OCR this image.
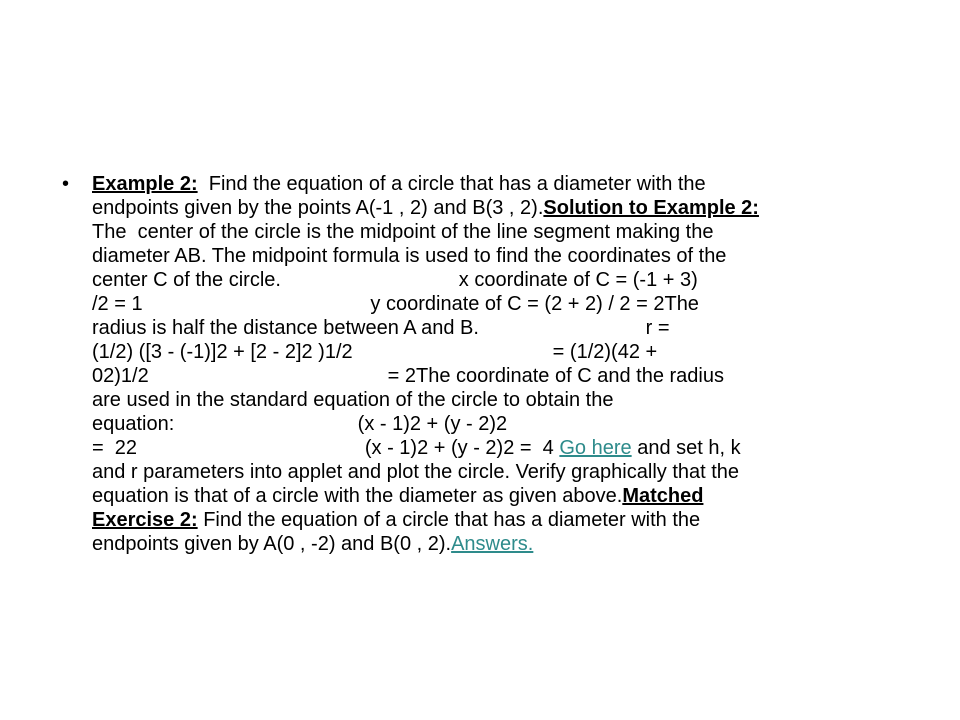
• Example 2:  Find the equation of a circle that has a diameter with the
endpoints given by the points A(-1 , 2) and B(3 , 2).Solution to Example 2:
The  center of the circle is the midpoint of the line segment making the
diameter AB. The midpoint formula is used to find the coordinates of the
center C of the circle.                                x coordinate of C = (-1 + 3)
/2 = 1                                         y coordinate of C = (2 + 2) / 2 = 2The
radius is half the distance between A and B.                              r =
(1/2) ([3 - (-1)]2 + [2 - 2]2 )1/2                                    = (1/2)(42 +
02)1/2                                           = 2The coordinate of C and the radius
are used in the standard equation of the circle to obtain the
equation:                                 (x - 1)2 + (y - 2)2
=  22                                         (x - 1)2 + (y - 2)2 =  4 Go here and set h, k
and r parameters into applet and plot the circle. Verify graphically that the
equation is that of a circle with the diameter as given above.Matched
Exercise 2: Find the equation of a circle that has a diameter with the
endpoints given by A(0 , -2) and B(0 , 2).Answers.
